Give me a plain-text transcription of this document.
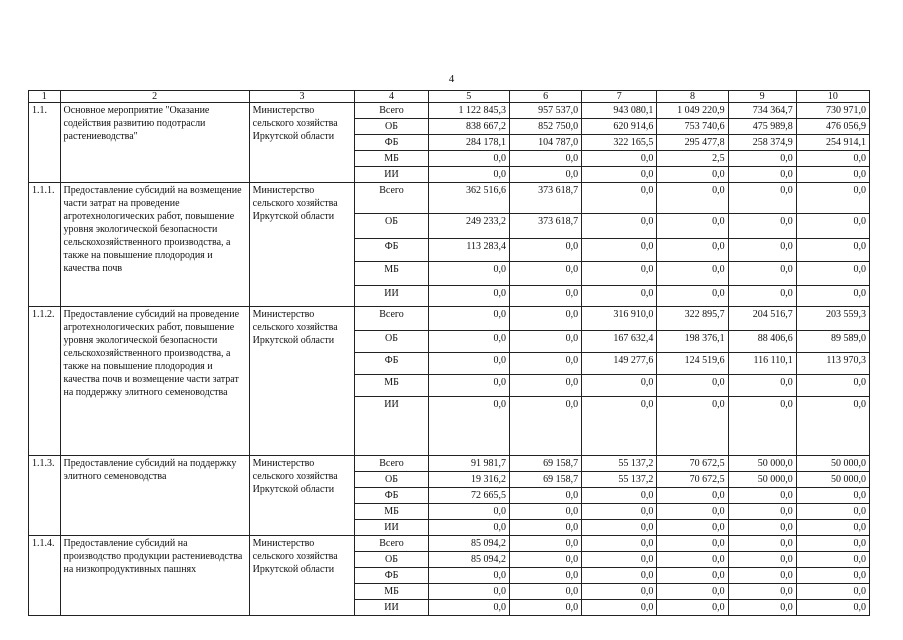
4
1	2	3	4	5	6	7	8	9	10
1.1.	Основное мероприятие "Оказание содействия развитию подотрасли растениеводства"	Министерство сельского хозяйства Иркутской области	Всего	1 122 845,3	957 537,0	943 080,1	1 049 220,9	734 364,7	730 971,0
			ОБ	838 667,2	852 750,0	620 914,6	753 740,6	475 989,8	476 056,9
			ФБ	284 178,1	104 787,0	322 165,5	295 477,8	258 374,9	254 914,1
			МБ	0,0	0,0	0,0	2,5	0,0	0,0
			ИИ	0,0	0,0	0,0	0,0	0,0	0,0
1.1.1.	Предоставление субсидий на возмещение части затрат на проведение агротехнологических работ, повышение уровня экологической безопасности сельскохозяйственного производства, а также на повышение плодородия и качества почв	Министерство сельского хозяйства Иркутской области	Всего	362 516,6	373 618,7	0,0	0,0	0,0	0,0
			ОБ	249 233,2	373 618,7	0,0	0,0	0,0	0,0
			ФБ	113 283,4	0,0	0,0	0,0	0,0	0,0
			МБ	0,0	0,0	0,0	0,0	0,0	0,0
			ИИ	0,0	0,0	0,0	0,0	0,0	0,0
1.1.2.	Предоставление субсидий на проведение агротехнологических работ, повышение уровня экологической безопасности сельскохозяйственного производства, а также на повышение плодородия и качества почв и возмещение части затрат на поддержку элитного семеноводства	Министерство сельского хозяйства Иркутской области	Всего	0,0	0,0	316 910,0	322 895,7	204 516,7	203 559,3
			ОБ	0,0	0,0	167 632,4	198 376,1	88 406,6	89 589,0
			ФБ	0,0	0,0	149 277,6	124 519,6	116 110,1	113 970,3
			МБ	0,0	0,0	0,0	0,0	0,0	0,0
			ИИ	0,0	0,0	0,0	0,0	0,0	0,0
1.1.3.	Предоставление субсидий на поддержку элитного семеноводства	Министерство сельского хозяйства Иркутской области	Всего	91 981,7	69 158,7	55 137,2	70 672,5	50 000,0	50 000,0
			ОБ	19 316,2	69 158,7	55 137,2	70 672,5	50 000,0	50 000,0
			ФБ	72 665,5	0,0	0,0	0,0	0,0	0,0
			МБ	0,0	0,0	0,0	0,0	0,0	0,0
			ИИ	0,0	0,0	0,0	0,0	0,0	0,0
1.1.4.	Предоставление субсидий на производство продукции растениеводства на низкопродуктивных пашнях	Министерство сельского хозяйства Иркутской области	Всего	85 094,2	0,0	0,0	0,0	0,0	0,0
			ОБ	85 094,2	0,0	0,0	0,0	0,0	0,0
			ФБ	0,0	0,0	0,0	0,0	0,0	0,0
			МБ	0,0	0,0	0,0	0,0	0,0	0,0
			ИИ	0,0	0,0	0,0	0,0	0,0	0,0
